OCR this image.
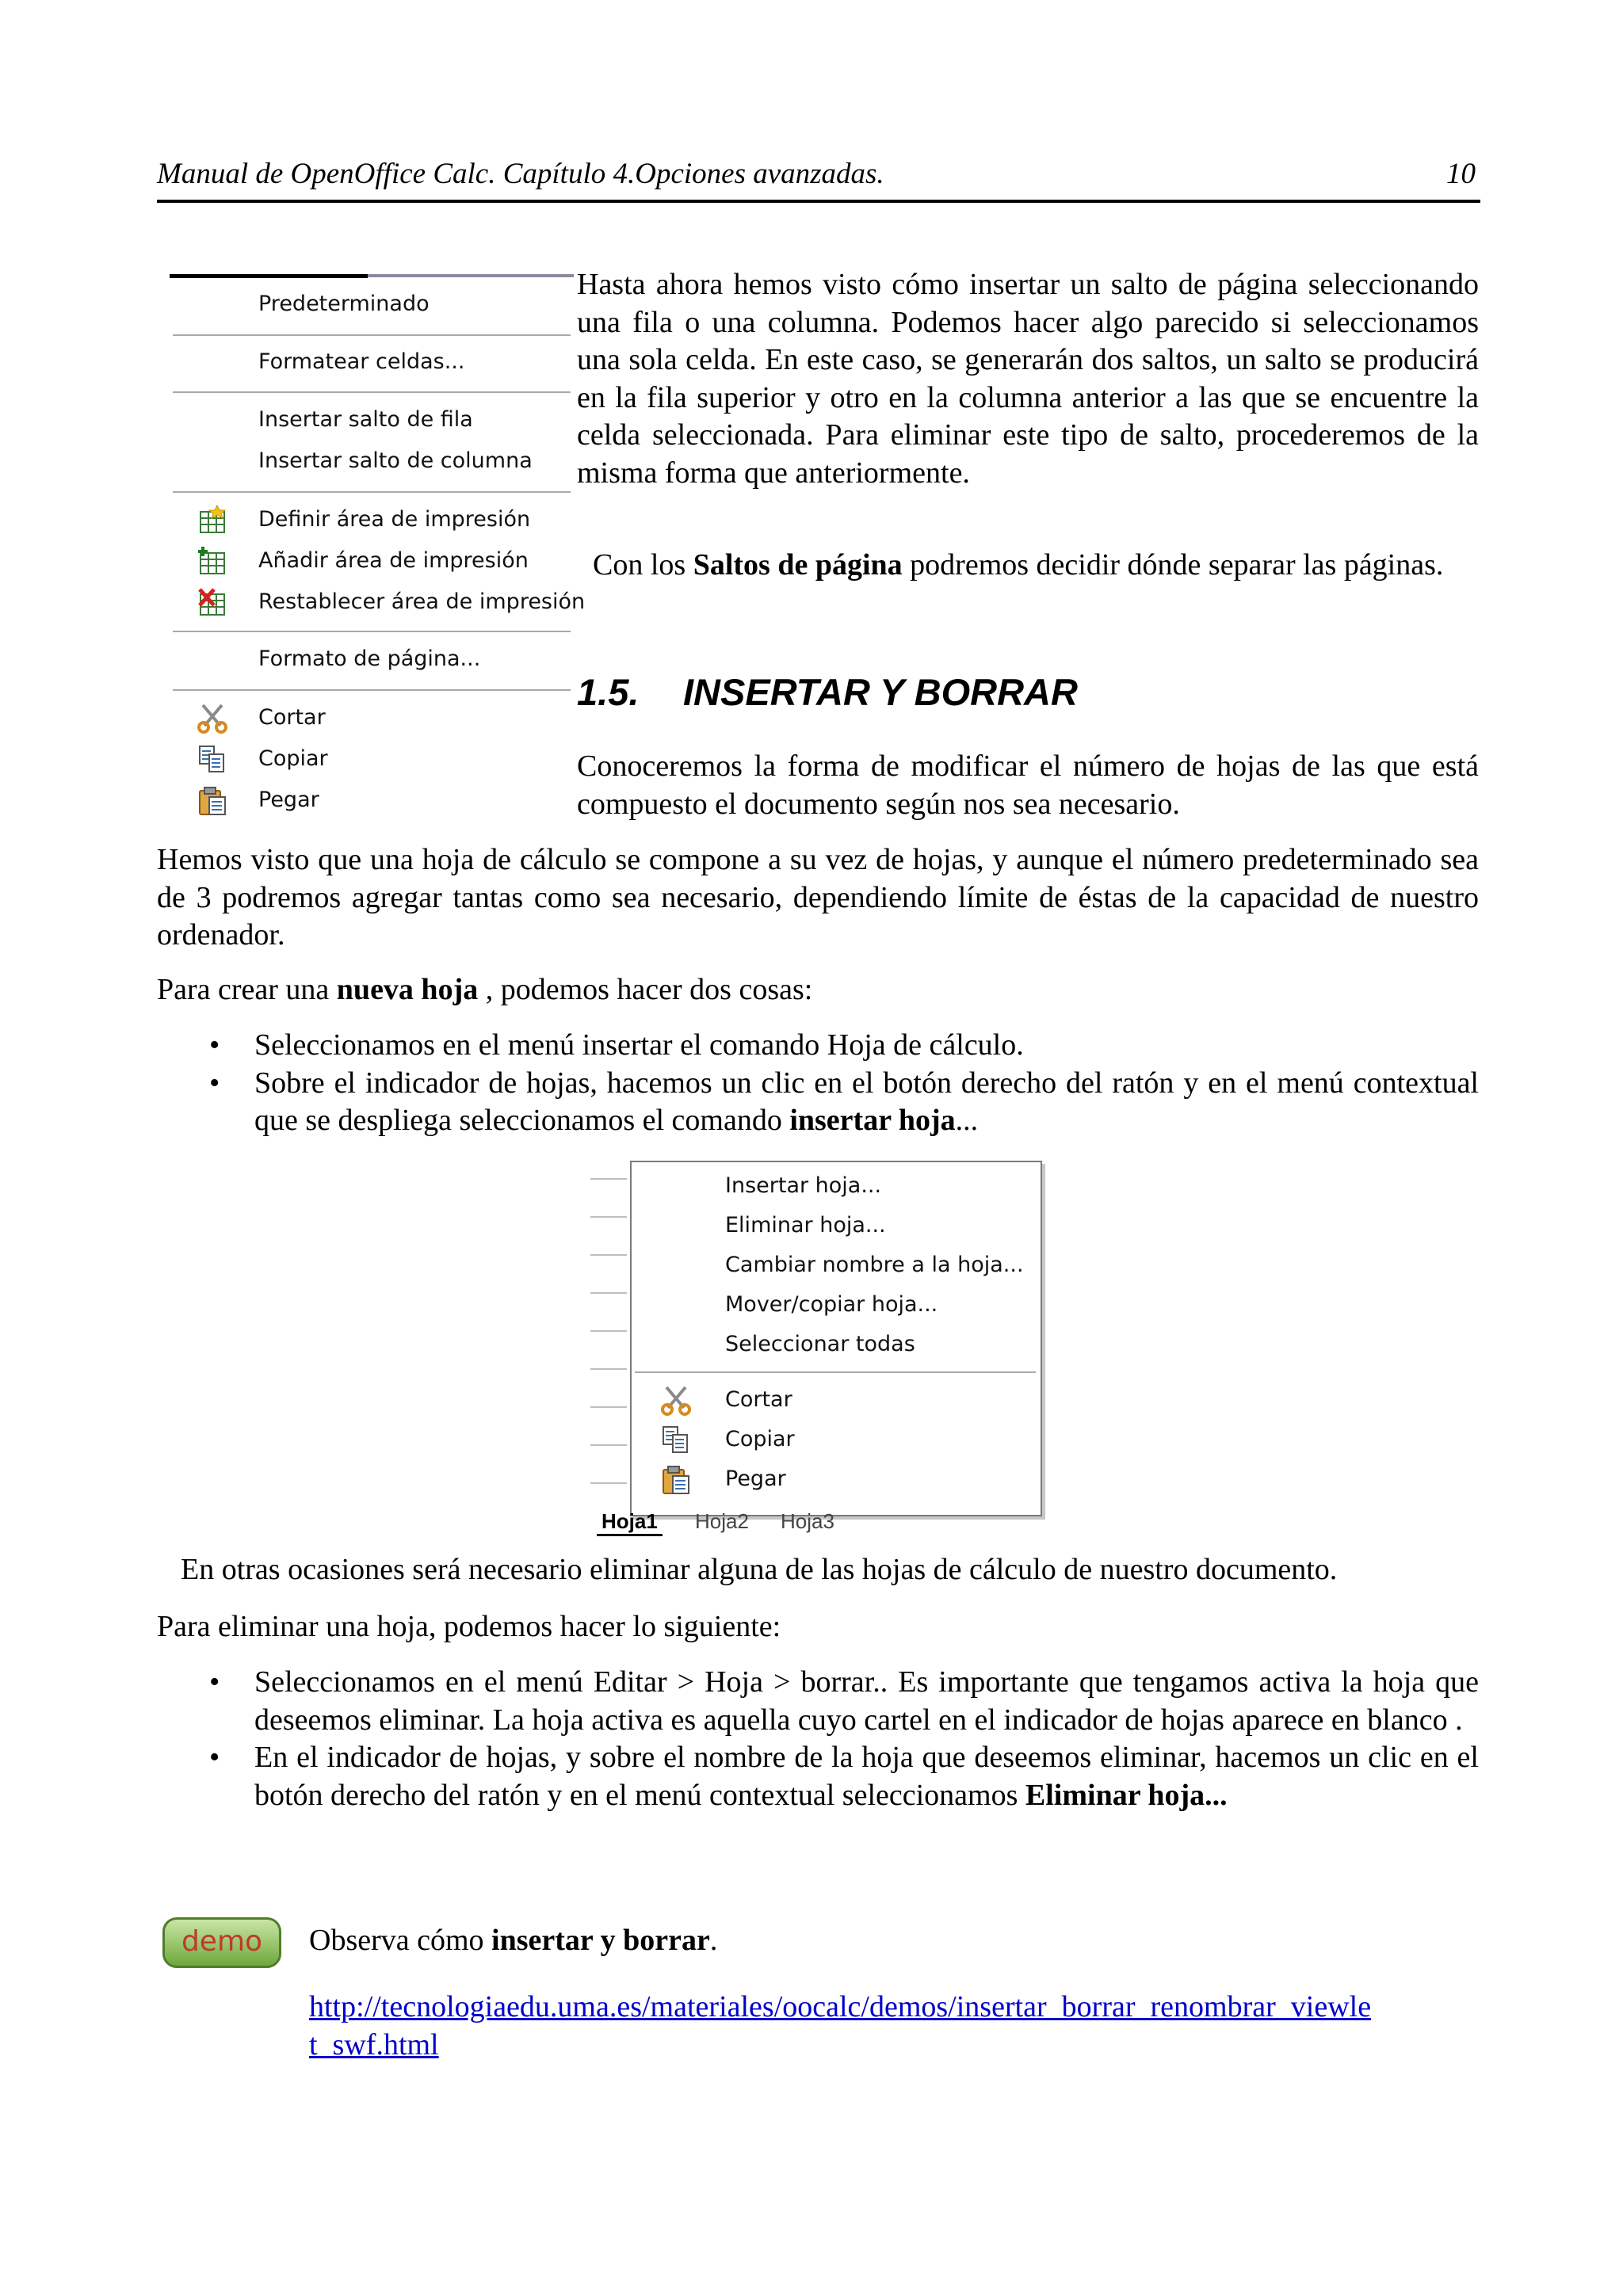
Manual de OpenOffice Calc. Capítulo 4.Opciones avanzadas.	10
Predeterminado
Formatear celdas...
Insertar salto de fila
Insertar salto de columna
Definir área de impresión
Añadir área de impresión
Restablecer área de impresión
Formato de página...
Cortar
Copiar
Pegar

Hasta ahora hemos visto cómo insertar un salto de página seleccionando una fila o una columna. Podemos hacer algo parecido si seleccionamos una sola celda. En este caso, se generarán dos saltos, un salto se producirá en la fila superior y otro en la columna anterior a las que se encuentre la celda seleccionada. Para eliminar este tipo de salto, procederemos de la misma forma que anteriormente.

Con los Saltos de página podremos decidir dónde separar las páginas.

1.5. INSERTAR Y BORRAR

Conoceremos la forma de modificar el número de hojas de las que está compuesto el documento según nos sea necesario.

Hemos visto que una hoja de cálculo se compone a su vez de hojas, y aunque el número predeterminado sea de 3 podremos agregar tantas como sea necesario, dependiendo límite de éstas de la capacidad de nuestro ordenador.

Para crear una nueva hoja , podemos hacer dos cosas:

• Seleccionamos en el menú insertar el comando Hoja de cálculo.
• Sobre el indicador de hojas, hacemos un clic en el botón derecho del ratón y en el menú contextual que se despliega seleccionamos el comando insertar hoja...
Insertar hoja...
Eliminar hoja...
Cambiar nombre a la hoja...
Mover/copiar hoja...
Seleccionar todas
Cortar
Copiar
Pegar
Hoja1 Hoja2 Hoja3

En otras ocasiones será necesario eliminar alguna de las hojas de cálculo de nuestro documento.

Para eliminar una hoja, podemos hacer lo siguiente:

• Seleccionamos en el menú Editar > Hoja > borrar.. Es importante que tengamos activa la hoja que deseemos eliminar. La hoja activa es aquella cuyo cartel en el indicador de hojas aparece en blanco .
• En el indicador de hojas, y sobre el nombre de la hoja que deseemos eliminar, hacemos un clic en el botón derecho del ratón y en el menú contextual seleccionamos Eliminar hoja...
demo	Observa cómo insertar y borrar.

http://tecnologiaedu.uma.es/materiales/oocalc/demos/insertar_borrar_renombrar_viewle
t_swf.html
